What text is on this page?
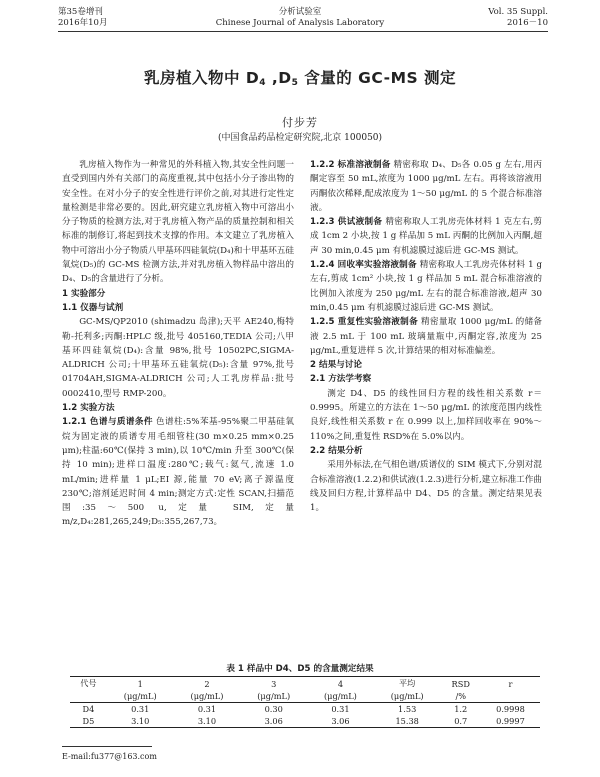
第35卷增刊
2016年10月
分析试验室
Chinese Journal of Analysis Laboratory
Vol. 35 Suppl.
2016－10
乳房植入物中 $D_4$ $,D_5$ 含量的 GC-MS 测定
付步芳
(中国食品药品检定研究院,北京 100050)

乳房植入物作为一种常见的外科植入物,其安全性问题一直受到国内外有关部门的高度重视,其中包括小分子渗出物的安全性。在对小分子的安全性进行评价之前,对其进行定性定量检测是非常必要的。因此,研究建立乳房植入物中可溶出小分子物质的检测方法,对于乳房植入物产品的质量控制和相关标准的制修订,将起到技术支撑的作用。本文建立了乳房植入物中可溶出小分子物质八甲基环四硅氧烷(D₄)和十甲基环五硅氧烷(D₅)的 GC-MS 检测方法,并对乳房植入物样品中溶出的 D₄、D₅的含量进行了分析。

1 实验部分

1.1 仪器与试剂

GC-MS/QP2010 (shimadzu 岛津);天平 AE240,梅特勒-托利多;丙酮:HPLC 级,批号 405160,TEDIA 公司;八甲基环四硅氧烷(D₄):含量 98%,批号 10502PC,SIGMA-ALDRICH 公司;十甲基环五硅氧烷(D₅):含量 97%,批号 01704AH,SIGMA-ALDRICH 公司;人工乳房样品:批号 0002410,型号 RMP-200。

1.2 实验方法

1.2.1 色谱与质谱条件 色谱柱:5%苯基-95%聚二甲基硅氧烷为固定液的质谱专用毛细管柱(30 m×0.25 mm×0.25 μm);柱温:60℃(保持 3 min),以 10℃/min 升至 300℃(保持 10 min);进样口温度:280℃;载气:氦气,流速 1.0 mL/min;进样量 1 μL;EI 源,能量 70 eV;离子源温度 230℃;溶剂延迟时间 4 min;测定方式:定性 SCAN,扫描范围:35～500 u,定量 SIM,定量 m/z,D₄:281,265,249;D₅:355,267,73。

1.2.2 标准溶液制备 精密称取 D₄、D₅各 0.05 g 左右,用丙酮定容至 50 mL,浓度为 1000 μg/mL 左右。再将该溶液用丙酮依次稀释,配成浓度为 1～50 μg/mL 的 5 个混合标准溶液。

1.2.3 供试液制备 精密称取人工乳房壳体材料 1 克左右,剪成 1cm 2 小块,按 1 g 样品加 5 mL 丙酮的比例加入丙酮,超声 30 min,0.45 μm 有机滤膜过滤后进 GC-MS 测试。

1.2.4 回收率实验溶液制备 精密称取人工乳房壳体材料 1 g 左右,剪成 1cm² 小块,按 1 g 样品加 5 mL 混合标准溶液的比例加入浓度为 250 μg/mL 左右的混合标准溶液,超声 30 min,0.45 μm 有机滤膜过滤后进 GC-MS 测试。

1.2.5 重复性实验溶液制备 精密量取 1000 μg/mL 的储备液 2.5 mL 于 100 mL 玻璃量瓶中,丙酮定容,浓度为 25 μg/mL,重复进样 5 次,计算结果的相对标准偏差。

2 结果与讨论

2.1 方法学考察

测定 D4、D5 的线性回归方程的线性相关系数 r＝0.9995。所建立的方法在 1～50 μg/mL 的浓度范围内线性良好,线性相关系数 r 在 0.999 以上,加样回收率在 90%～110%之间,重复性 RSD%在 5.0%以内。

2.2 结果分析

采用外标法,在气相色谱/质谱仪的 SIM 模式下,分别对混合标准溶液(1.2.2)和供试液(1.2.3)进行分析,建立标准工作曲线及回归方程,计算样品中 D4、D5 的含量。测定结果见表 1。

表 1 样品中 D4、D5 的含量测定结果
代号	1	2	3	4	平均	RSD	r
	(μg/mL)	(μg/mL)	(μg/mL)	(μg/mL)	(μg/mL)	/%	
D4	0.31	0.31	0.30	0.31	1.53	1.2	0.9998
D5	3.10	3.10	3.06	3.06	15.38	0.7	0.9997
E-mail:fu377@163.com
